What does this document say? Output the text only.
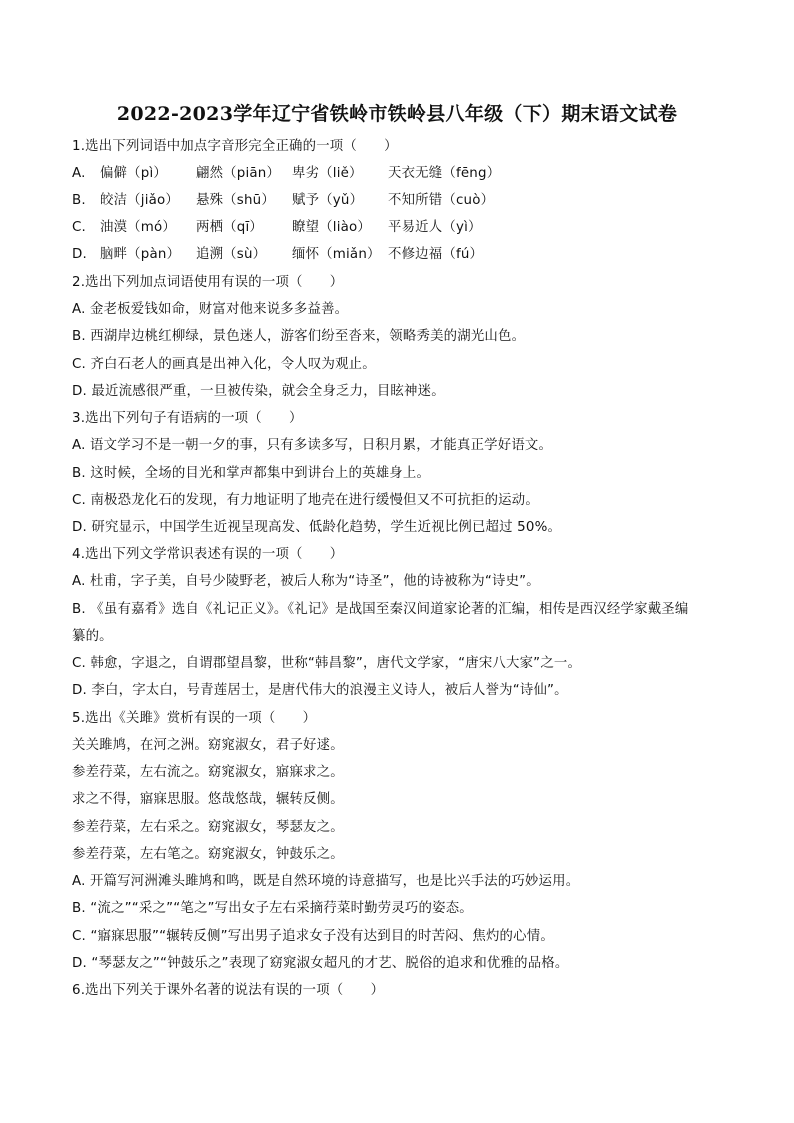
2022-2023学年辽宁省铁岭市铁岭县八年级（下）期末语文试卷
1.选出下列词语中加点字音形完全正确的一项（　　）
A. 偏僻（pì） 翩然（piān） 卑劣（liě） 天衣无缝（fēng）
B. 皎洁（jiǎo） 悬殊（shū） 赋予（yǔ） 不知所错（cuò）
C. 油漠（mó） 两栖（qī） 瞭望（liào） 平易近人（yì）
D. 脑畔（pàn） 追溯（sù） 缅怀（miǎn） 不修边福（fú）
2.选出下列加点词语使用有误的一项（　　）
A. 金老板爱钱如命，财富对他来说多多益善。
B. 西湖岸边桃红柳绿，景色迷人，游客们纷至沓来，领略秀美的湖光山色。
C. 齐白石老人的画真是出神入化，令人叹为观止。
D. 最近流感很严重，一旦被传染，就会全身乏力，目眩神迷。
3.选出下列句子有语病的一项（　　）
A. 语文学习不是一朝一夕的事，只有多读多写，日积月累，才能真正学好语文。
B. 这时候，全场的目光和掌声都集中到讲台上的英雄身上。
C. 南极恐龙化石的发现，有力地证明了地壳在进行缓慢但又不可抗拒的运动。
D. 研究显示，中国学生近视呈现高发、低龄化趋势，学生近视比例已超过 50%。
4.选出下列文学常识表述有误的一项（　　）
A. 杜甫，字子美，自号少陵野老，被后人称为“诗圣”，他的诗被称为“诗史”。
B. 《虽有嘉肴》选自《礼记正义》。《礼记》是战国至秦汉间道家论著的汇编，相传是西汉经学家戴圣编
纂的。
C. 韩愈，字退之，自谓郡望昌黎，世称“韩昌黎”，唐代文学家，“唐宋八大家”之一。
D. 李白，字太白，号青莲居士，是唐代伟大的浪漫主义诗人，被后人誉为“诗仙”。
5.选出《关雎》赏析有误的一项（　　）
关关雎鸠，在河之洲。窈窕淑女，君子好逑。
参差荇菜，左右流之。窈窕淑女，寤寐求之。
求之不得，寤寐思服。悠哉悠哉，辗转反侧。
参差荇菜，左右采之。窈窕淑女，琴瑟友之。
参差荇菜，左右笔之。窈窕淑女，钟鼓乐之。
A. 开篇写河洲滩头雎鸠和鸣，既是自然环境的诗意描写，也是比兴手法的巧妙运用。
B. “流之”“采之”“笔之”写出女子左右采摘荇菜时勤劳灵巧的姿态。
C. “寤寐思服”“辗转反侧”写出男子追求女子没有达到目的时苦闷、焦灼的心情。
D. “琴瑟友之”“钟鼓乐之”表现了窈窕淑女超凡的才艺、脱俗的追求和优雅的品格。
6.选出下列关于课外名著的说法有误的一项（　　）
